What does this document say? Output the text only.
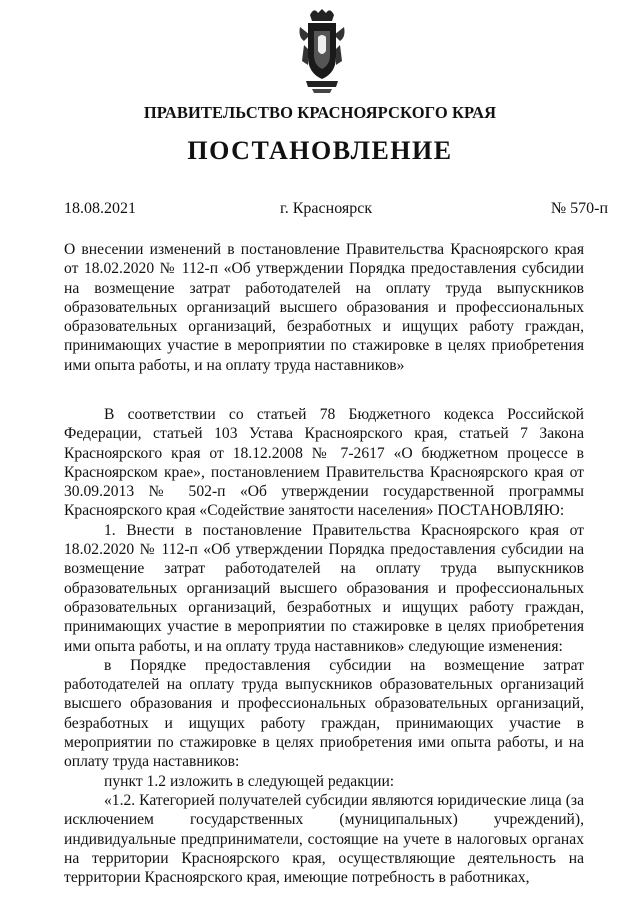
ПРАВИТЕЛЬСТВО КРАСНОЯРСКОГО КРАЯ
ПОСТАНОВЛЕНИЕ
18.08.2021	г. Красноярск	№ 570-п
О внесении изменений в постановление Правительства Красноярского края от 18.02.2020 № 112-п «Об утверждении Порядка предоставления субсидии на возмещение затрат работодателей на оплату труда выпускников образовательных организаций высшего образования и профессиональных образовательных организаций, безработных и ищущих работу граждан, принимающих участие в мероприятии по стажировке в целях приобретения ими опыта работы, и на оплату труда наставников»

В соответствии со статьей 78 Бюджетного кодекса Российской Федерации, статьей 103 Устава Красноярского края, статьей 7 Закона Красноярского края от 18.12.2008 № 7-2617 «О бюджетном процессе в Красноярском крае», постановлением Правительства Красноярского края от 30.09.2013 № 502-п «Об утверждении государственной программы Красноярского края «Содействие занятости населения» ПОСТАНОВЛЯЮ:

1. Внести в постановление Правительства Красноярского края от 18.02.2020 № 112-п «Об утверждении Порядка предоставления субсидии на возмещение затрат работодателей на оплату труда выпускников образовательных организаций высшего образования и профессиональных образовательных организаций, безработных и ищущих работу граждан, принимающих участие в мероприятии по стажировке в целях приобретения ими опыта работы, и на оплату труда наставников» следующие изменения:

в Порядке предоставления субсидии на возмещение затрат работодателей на оплату труда выпускников образовательных организаций высшего образования и профессиональных образовательных организаций, безработных и ищущих работу граждан, принимающих участие в мероприятии по стажировке в целях приобретения ими опыта работы, и на оплату труда наставников:

пункт 1.2 изложить в следующей редакции:

«1.2. Категорией получателей субсидии являются юридические лица (за исключением государственных (муниципальных) учреждений), индивидуальные предприниматели, состоящие на учете в налоговых органах на территории Красноярского края, осуществляющие деятельность на территории Красноярского края, имеющие потребность в работниках,
